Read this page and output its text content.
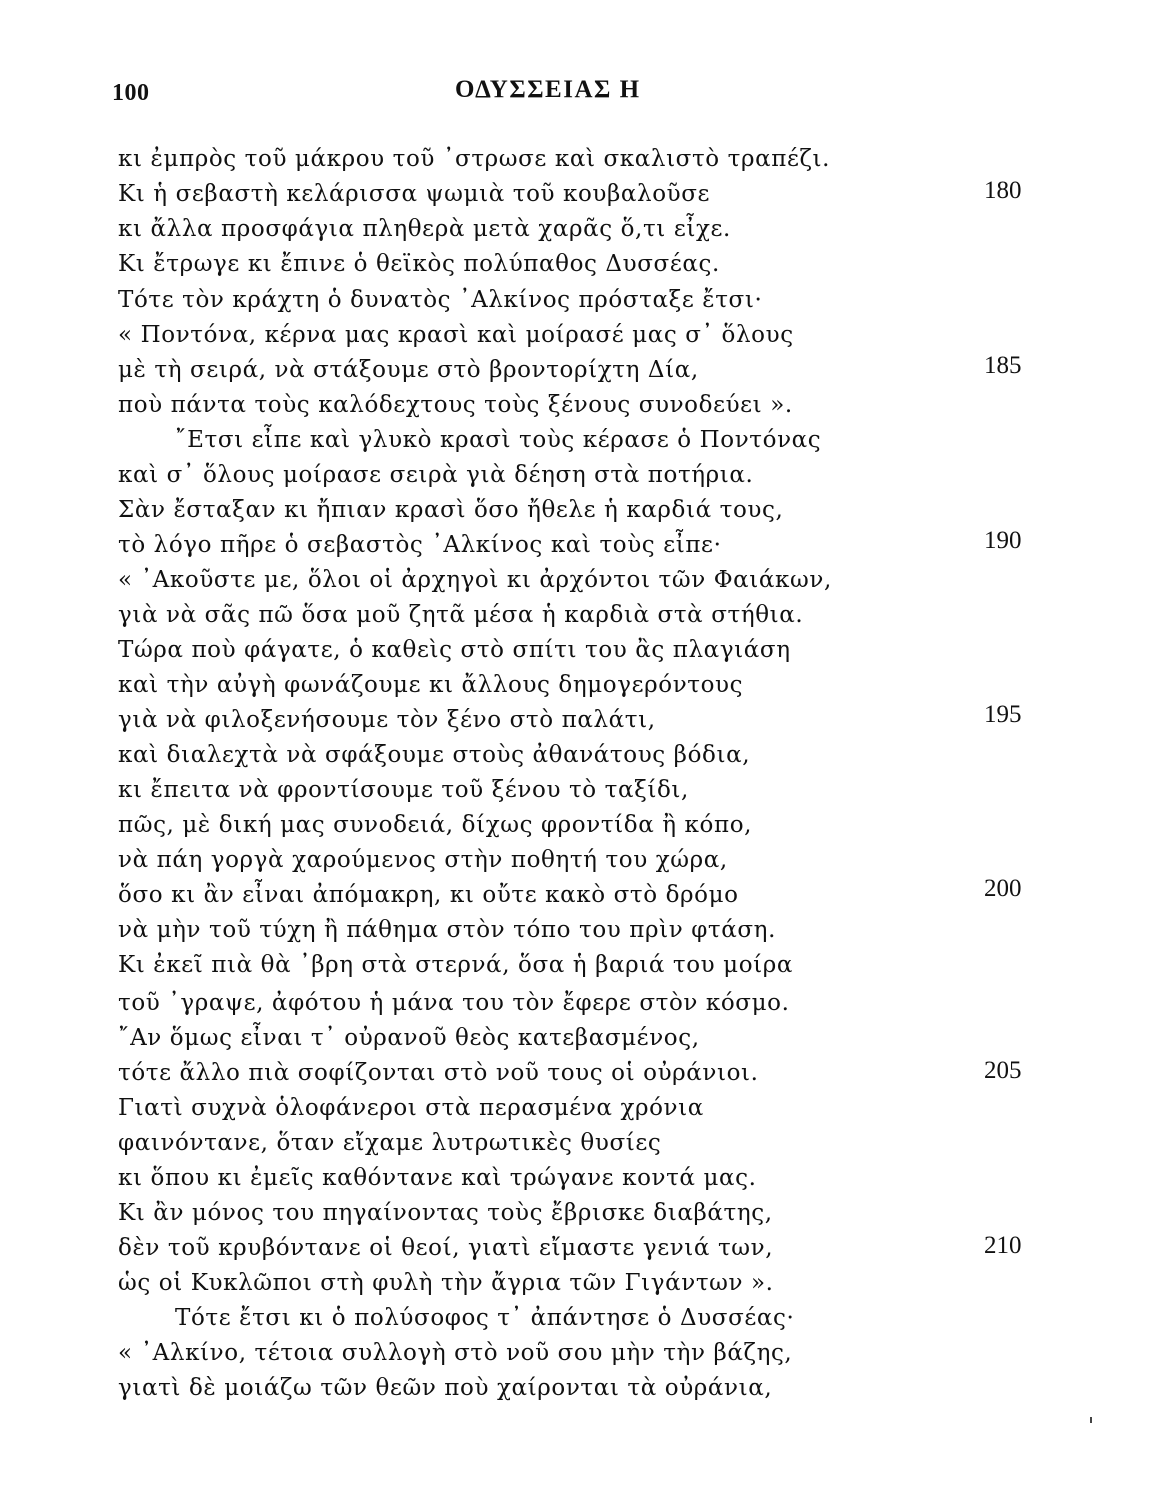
100	ΟΔΥΣΣΕΙΑΣ Η
κι ἐμπρὸς τοῦ μάκρου τοῦ ᾿στρωσε καὶ σκαλιστὸ τραπέζι.
Κι ἡ σεβαστὴ κελάρισσα ψωμιὰ τοῦ κουβαλοῦσε
κι ἄλλα προσφάγια πληθερὰ μετὰ χαρᾶς ὅ,τι εἶχε.
Κι ἔτρωγε κι ἔπινε ὁ θεϊκὸς πολύπαθος Δυσσέας.
Τότε τὸν κράχτη ὁ δυνατὸς ᾿Αλκίνος πρόσταξε ἔτσι·
« Ποντόνα, κέρνα μας κρασὶ καὶ μοίρασέ μας σ᾿ ὅλους
μὲ τὴ σειρά, νὰ στάξουμε στὸ βροντορίχτη Δία,
ποὺ πάντα τοὺς καλόδεχτους τοὺς ξένους συνοδεύει ».
῎Ετσι εἶπε καὶ γλυκὸ κρασὶ τοὺς κέρασε ὁ Ποντόνας
καὶ σ᾿ ὅλους μοίρασε σειρὰ γιὰ δέηση στὰ ποτήρια.
Σὰν ἔσταξαν κι ἤπιαν κρασὶ ὅσο ἤθελε ἡ καρδιά τους,
τὸ λόγο πῆρε ὁ σεβαστὸς ᾿Αλκίνος καὶ τοὺς εἶπε·
« ᾿Ακοῦστε με, ὅλοι οἱ ἀρχηγοὶ κι ἀρχόντοι τῶν Φαιάκων,
γιὰ νὰ σᾶς πῶ ὅσα μοῦ ζητᾶ μέσα ἡ καρδιὰ στὰ στήθια.
Τώρα ποὺ φάγατε, ὁ καθεὶς στὸ σπίτι του ἂς πλαγιάση
καὶ τὴν αὐγὴ φωνάζουμε κι ἄλλους δημογερόντους
γιὰ νὰ φιλοξενήσουμε τὸν ξένο στὸ παλάτι,
καὶ διαλεχτὰ νὰ σφάξουμε στοὺς ἀθανάτους βόδια,
κι ἔπειτα νὰ φροντίσουμε τοῦ ξένου τὸ ταξίδι,
πῶς, μὲ δική μας συνοδειά, δίχως φροντίδα ἢ κόπο,
νὰ πάη γοργὰ χαρούμενος στὴν ποθητή του χώρα,
ὅσο κι ἂν εἶναι ἀπόμακρη, κι οὔτε κακὸ στὸ δρόμο
νὰ μὴν τοῦ τύχη ἢ πάθημα στὸν τόπο του πρὶν φτάση.
Κι ἐκεῖ πιὰ θὰ ᾿βρη στὰ στερνά, ὅσα ἡ βαριά του μοίρα
τοῦ ᾿γραψε, ἀφότου ἡ μάνα του τὸν ἔφερε στὸν κόσμο.
῎Αν ὅμως εἶναι τ᾿ οὐρανοῦ θεὸς κατεβασμένος,
τότε ἄλλο πιὰ σοφίζονται στὸ νοῦ τους οἱ οὐράνιοι.
Γιατὶ συχνὰ ὁλοφάνεροι στὰ περασμένα χρόνια
φαινόντανε, ὅταν εἴχαμε λυτρωτικὲς θυσίες
κι ὅπου κι ἐμεῖς καθόντανε καὶ τρώγανε κοντά μας.
Κι ἂν μόνος του πηγαίνοντας τοὺς ἔβρισκε διαβάτης,
δὲν τοῦ κρυβόντανε οἱ θεοί, γιατὶ εἴμαστε γενιά των,
ὡς οἱ Κυκλῶποι στὴ φυλὴ τὴν ἄγρια τῶν Γιγάντων ».
Τότε ἔτσι κι ὁ πολύσοφος τ᾿ ἀπάντησε ὁ Δυσσέας·
« ᾿Αλκίνο, τέτοια συλλογὴ στὸ νοῦ σου μὴν τὴν βάζης,
γιατὶ δὲ μοιάζω τῶν θεῶν ποὺ χαίρονται τὰ οὐράνια,
180
185
190
195
200
205
210
